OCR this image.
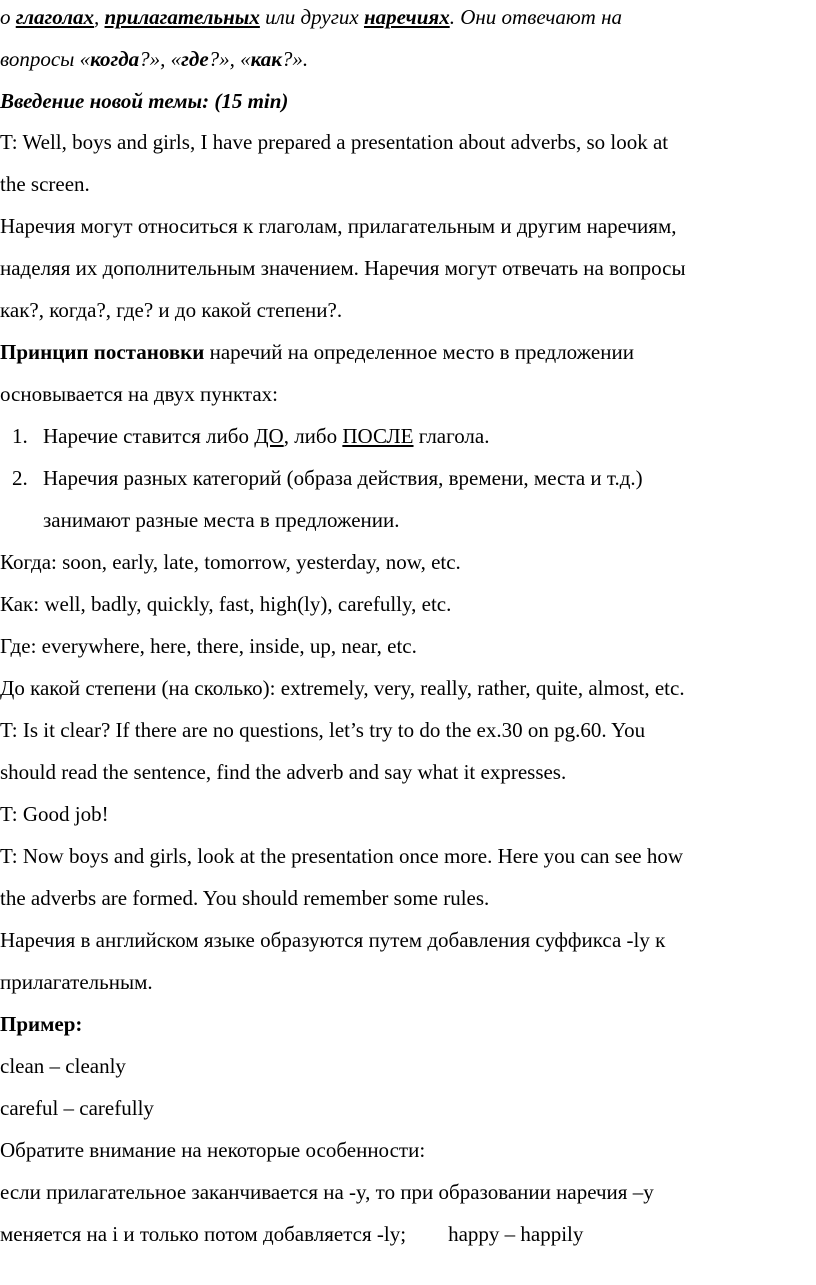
о глаголах, прилагательных или других наречиях. Они отвечают на
вопросы «когда?», «где?», «как?».
Введение новой темы: (15 min)
T: Well, boys and girls, I have prepared a presentation about adverbs, so look at
the screen.
Наречия могут относиться к глаголам, прилагательным и другим наречиям,
наделяя их дополнительным значением. Наречия могут отвечать на вопросы
как?, когда?, где? и до какой степени?.
Принцип постановки наречий на определенное место в предложении
основывается на двух пунктах:
1. Наречие ставится либо ДО, либо ПОСЛЕ глагола.
2. Наречия разных категорий (образа действия, времени, места и т.д.)
занимают разные места в предложении.
Когда: soon, early, late, tomorrow, yesterday, now, etc.
Как: well, badly, quickly, fast, high(ly), carefully, etc.
Где: everywhere, here, there, inside, up, near, etc.
До какой степени (на сколько): extremely, very, really, rather, quite, almost, etc.
T: Is it clear? If there are no questions, let’s try to do the ex.30 on pg.60. You
should read the sentence, find the adverb and say what it expresses.
T: Good job!
T: Now boys and girls, look at the presentation once more. Here you can see how
the adverbs are formed. You should remember some rules.
Наречия в английском языке образуются путем добавления суффикса -ly к
прилагательным.
Пример:
clean – cleanly
careful – carefully
Обратите внимание на некоторые особенности:
если прилагательное заканчивается на -y, то при образовании наречия –y
меняется на i и только потом добавляется -ly; happy – happily
